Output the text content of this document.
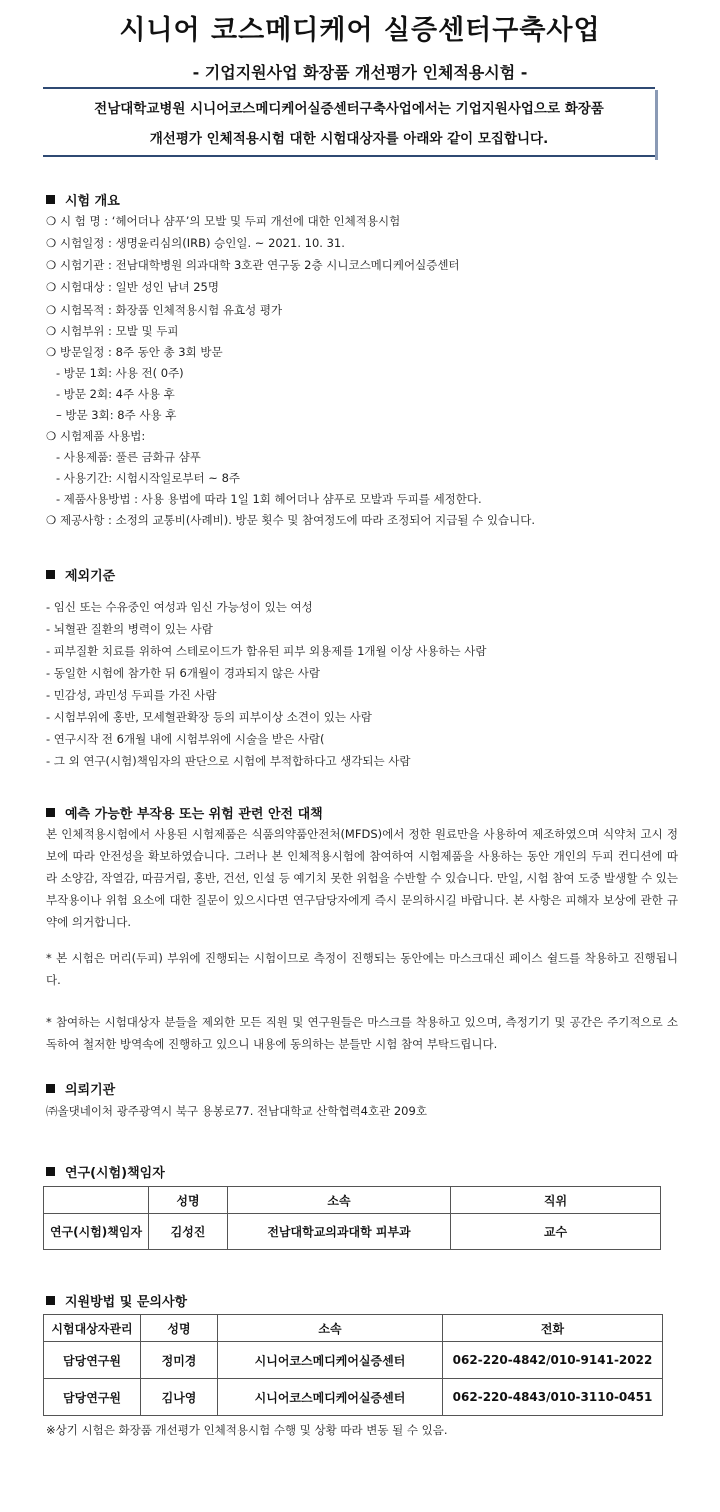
시니어 코스메디케어 실증센터구축사업
- 기업지원사업 화장품 개선평가 인체적용시험 -
전남대학교병원 시니어코스메디케어실증센터구축사업에서는 기업지원사업으로 화장품
개선평가 인체적용시험 대한 시험대상자를 아래와 같이 모집합니다.
시험 개요
❍ 시 험 명 : ‘헤어더나 샴푸’의 모발 및 두피 개선에 대한 인체적용시험
❍ 시험일정 : 생명윤리심의(IRB) 승인일. ~ 2021. 10. 31.
❍ 시험기관 : 전남대학병원 의과대학 3호관 연구동 2층 시니코스메디케어실증센터
❍ 시험대상 : 일반 성인 남녀 25명
❍ 시험목적 : 화장품 인체적용시험 유효성 평가
❍ 시험부위 : 모발 및 두피
❍ 방문일정 : 8주 동안 총 3회 방문
- 방문 1회: 사용 전( 0주)
- 방문 2회: 4주 사용 후
– 방문 3회: 8주 사용 후
❍ 시험제품 사용법:
- 사용제품: 풀른 금화규 샴푸
- 사용기간: 시험시작일로부터 ~ 8주
- 제품사용방법 : 사용 용법에 따라 1일 1회 헤어더나 샴푸로 모발과 두피를 세정한다.
❍ 제공사항 : 소정의 교통비(사례비). 방문 횟수 및 참여정도에 따라 조정되어 지급될 수 있습니다.
제외기준
- 임신 또는 수유중인 여성과 임신 가능성이 있는 여성
- 뇌혈관 질환의 병력이 있는 사람
- 피부질환 치료를 위하여 스테로이드가 함유된 피부 외용제를 1개월 이상 사용하는 사람
- 동일한 시험에 참가한 뒤 6개월이 경과되지 않은 사람
- 민감성, 과민성 두피를 가진 사람
- 시험부위에 홍반, 모세혈관확장 등의 피부이상 소견이 있는 사람
- 연구시작 전 6개월 내에 시험부위에 시술을 받은 사람(
- 그 외 연구(시험)책임자의 판단으로 시험에 부적합하다고 생각되는 사람
예측 가능한 부작용 또는 위험 관련 안전 대책
본 인체적용시험에서 사용된 시험제품은 식품의약품안전처(MFDS)에서 정한 원료만을 사용하여 제조하였으며 식약처 고시 정보에 따라 안전성을 확보하였습니다. 그러나 본 인체적용시험에 참여하여 시험제품을 사용하는 동안 개인의 두피 컨디션에 따라 소양감, 작열감, 따끔거림, 홍반, 건선, 인설 등 예기치 못한 위험을 수반할 수 있습니다. 만일, 시험 참여 도중 발생할 수 있는 부작용이나 위험 요소에 대한 질문이 있으시다면 연구담당자에게 즉시 문의하시길 바랍니다. 본 사항은 피해자 보상에 관한 규약에 의거합니다.
* 본 시험은 머리(두피) 부위에 진행되는 시험이므로 측정이 진행되는 동안에는 마스크대신 페이스 쉴드를 착용하고 진행됩니다.
* 참여하는 시험대상자 분들을 제외한 모든 직원 및 연구원들은 마스크를 착용하고 있으며, 측정기기 및 공간은 주기적으로 소독하여 철저한 방역속에 진행하고 있으니 내용에 동의하는 분들만 시험 참여 부탁드립니다.
의뢰기관
㈜올댓네이처 광주광역시 북구 용봉로77. 전남대학교 산학협력4호관 209호
연구(시험)책임자
	성명	소속	직위
연구(시험)책임자	김성진	전남대학교의과대학 피부과	교수
지원방법 및 문의사항
시험대상자관리	성명	소속	전화
담당연구원	정미경	시니어코스메디케어실증센터	062-220-4842/010-9141-2022
담당연구원	김나영	시니어코스메디케어실증센터	062-220-4843/010-3110-0451
※상기 시험은 화장품 개선평가 인체적용시험 수행 및 상황 따라 변동 될 수 있음.
